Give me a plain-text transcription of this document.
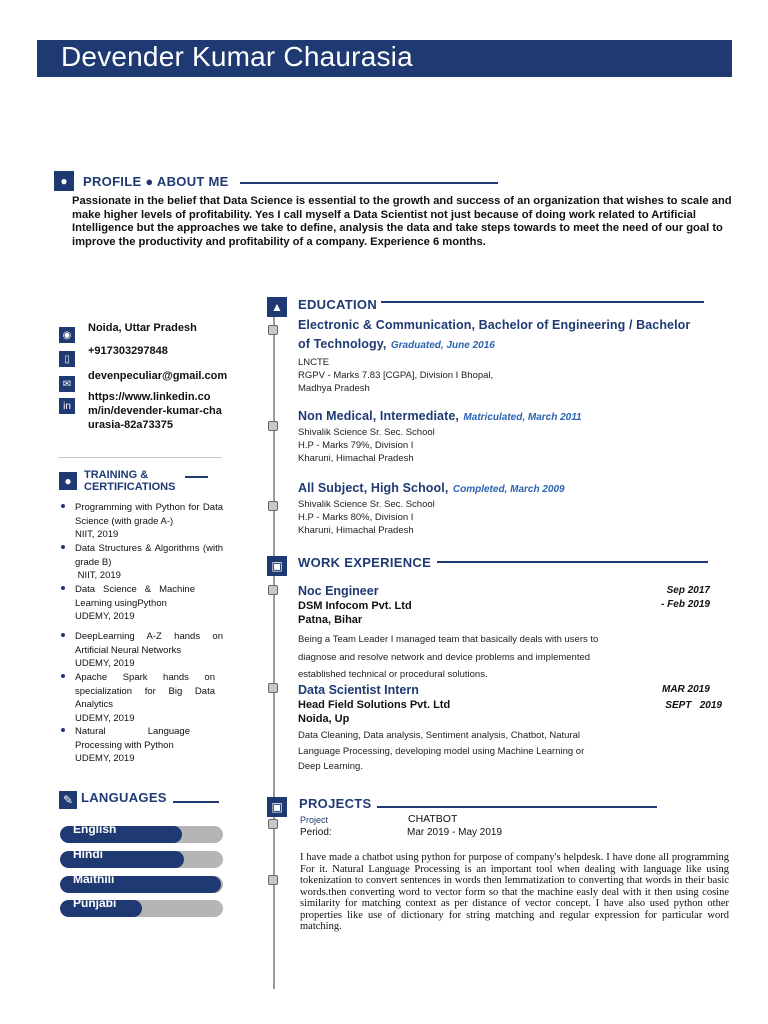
Devender Kumar Chaurasia
●	PROFILE ● ABOUT ME
Passionate in the belief that Data Science is essential to the growth and success of an organization that wishes to scale and make higher levels of profitability. Yes I call myself a Data Scientist not just because of doing work related to Artificial Intelligence but the approaches we take to define, analysis the data and take steps towards to meet the need of our goal to improve the productivity and profitability of a company. Experience 6 months.
◉
Noida, Uttar Pradesh
▯
+917303297848
✉
devenpeculiar@gmail.com
in
https://www.linkedin.com/in/devender-kumar-chaurasia-82a73375
●	TRAINING &
CERTIFICATIONS
Programming with Python for Data Science (with grade A-)
NIIT, 2019
Data Structures & Algorithms (with grade B)
NIIT, 2019
Data Science & Machine Learning usingPython
UDEMY, 2019
DeepLearning A-Z hands on Artificial Neural Networks
UDEMY, 2019
Apache Spark hands on specialization for Big Data Analytics
UDEMY, 2019
Natural Language Processing with Python
UDEMY, 2019
✎ LANGUAGES
English
Hindi
Maithili
Punjabi
▲	EDUCATION
Electronic & Communication, Bachelor of Engineering / Bachelor
of Technology, Graduated, June 2016
LNCTE
RGPV - Marks 7.83 [CGPA], Division I Bhopal,
Madhya Pradesh
Non Medical, Intermediate, Matriculated, March 2011
Shivalik Science Sr. Sec. School
H.P - Marks 79%, Division I
Kharuni, Himachal Pradesh
All Subject, High School, Completed, March 2009
Shivalik Science Sr. Sec. School
H.P - Marks 80%, Division I
Kharuni, Himachal Pradesh
▣	WORK EXPERIENCE
Noc Engineer
DSM Infocom Pvt. Ltd
Patna, Bihar
Being a Team Leader I managed team that basically deals with users to
diagnose and resolve network and device problems and implemented
established technical or procedural solutions.
Sep 2017
- Feb 2019
Data Scientist Intern
Head Field Solutions Pvt. Ltd
Noida, Up
Data Cleaning, Data analysis, Sentiment analysis, Chatbot, Natural
Language Processing, developing model using Machine Learning or
Deep Learning.
MAR 2019
SEPT   2019
▣	PROJECTS
Project	CHATBOT
Period:	Mar 2019 - May 2019
I have made a chatbot using python for purpose of company's helpdesk. I have done all programming For it. Natural Language Processing is an important tool when dealing with language like using tokenization to convert sentences in words then lemmatization to converting that words in their basic words.then converting word to vector form so that the machine easly deal with it then using cosine similarity for matching context as per distance of vector concept. I have also used python other properties like use of dictionary for string matching and regular expression for particular word matching.
